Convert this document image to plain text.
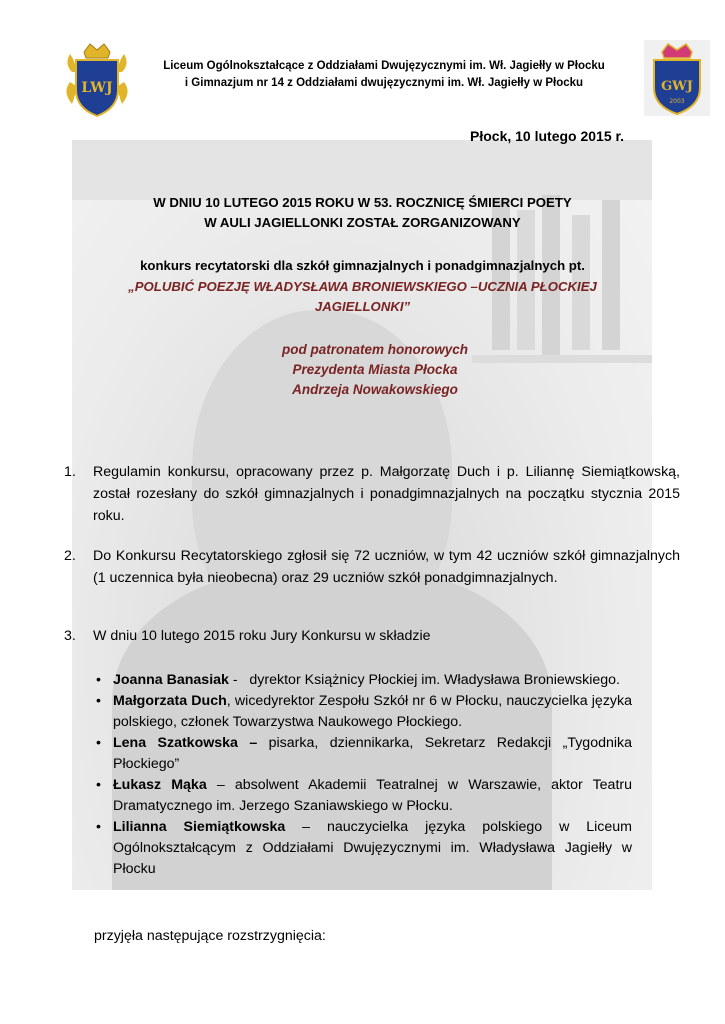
LWJ	GWJ
2003
Liceum Ogólnokształcące z Oddziałami Dwujęzycznymi im. Wł. Jagiełły w Płocku
i Gimnazjum nr 14 z Oddziałami dwujęzycznymi im. Wł. Jagiełły w Płocku
Płock, 10 lutego 2015 r.
W DNIU 10 LUTEGO 2015 ROKU W 53. ROCZNICĘ ŚMIERCI POETY
W AULI JAGIELLONKI ZOSTAŁ ZORGANIZOWANY
konkurs recytatorski dla szkół gimnazjalnych i ponadgimnazjalnych pt.
„POLUBIĆ POEZJĘ WŁADYSŁAWA BRONIEWSKIEGO –UCZNIA PŁOCKIEJ
JAGIELLONKI”
pod patronatem honorowych
Prezydenta Miasta Płocka
Andrzeja Nowakowskiego
1.	Regulamin konkursu, opracowany przez p. Małgorzatę Duch i p. Liliannę Siemiątkowską, został rozesłany do szkół gimnazjalnych i ponadgimnazjalnych na początku stycznia 2015 roku.
2.	Do Konkursu Recytatorskiego zgłosił się 72 uczniów, w tym 42 uczniów szkół gimnazjalnych (1 uczennica była nieobecna) oraz 29 uczniów szkół ponadgimnazjalnych.
3.	W dniu 10 lutego 2015 roku Jury Konkursu w składzie
• Joanna Banasiak -   dyrektor Książnicy Płockiej im. Władysława Broniewskiego.
• Małgorzata Duch, wicedyrektor Zespołu Szkół nr 6 w Płocku, nauczycielka języka polskiego, członek Towarzystwa Naukowego Płockiego.
• Lena Szatkowska – pisarka, dziennikarka, Sekretarz Redakcji „Tygodnika Płockiego”
• Łukasz Mąka – absolwent Akademii Teatralnej w Warszawie, aktor Teatru Dramatycznego im. Jerzego Szaniawskiego w Płocku.
• Lilianna Siemiątkowska – nauczycielka języka polskiego w Liceum Ogólnokształcącym z Oddziałami Dwujęzycznymi im. Władysława Jagiełły w Płocku
przyjęła następujące rozstrzygnięcia:
